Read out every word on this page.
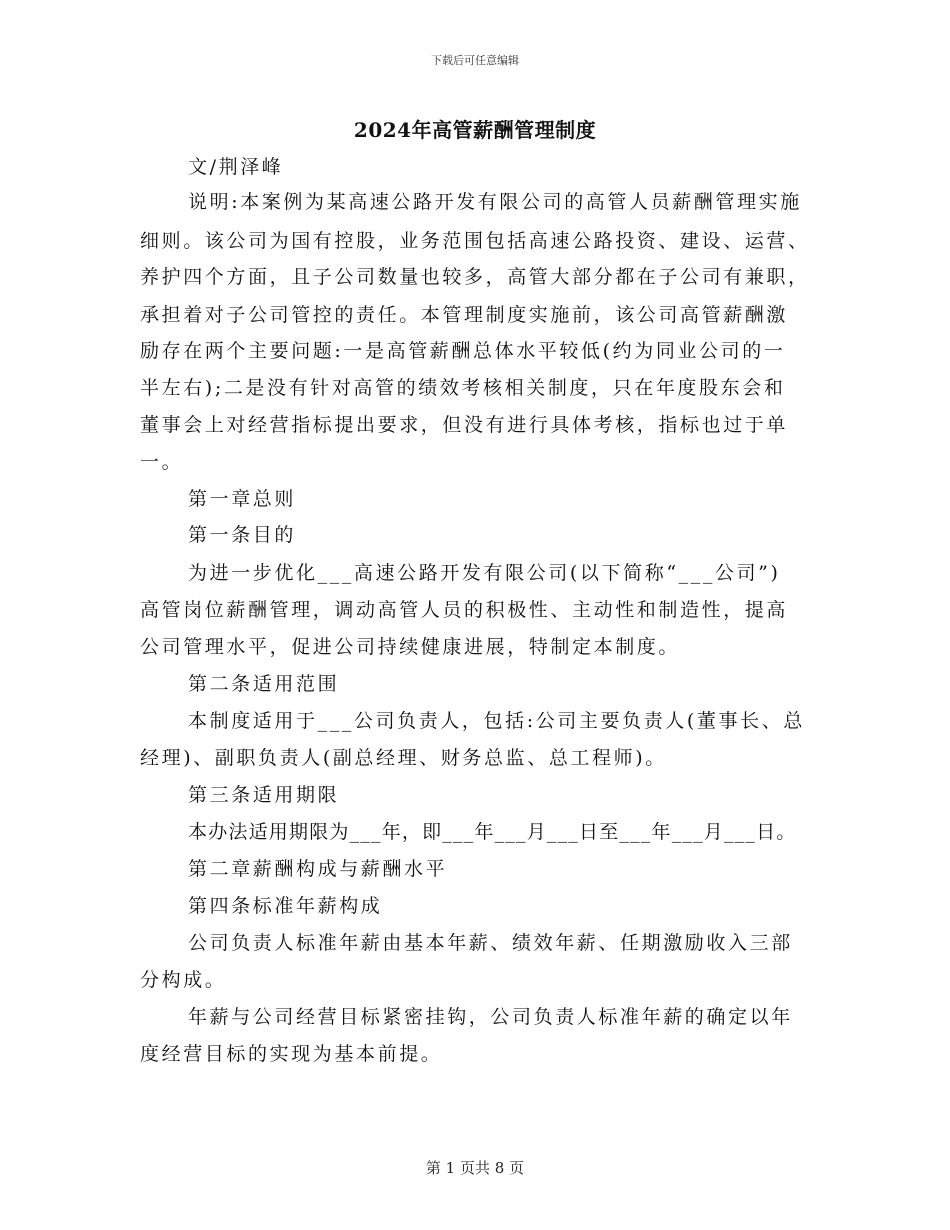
下载后可任意编辑
2024年高管薪酬管理制度
文/荆泽峰
说明:本案例为某高速公路开发有限公司的高管人员薪酬管理实施
细则。该公司为国有控股，业务范围包括高速公路投资、建设、运营、
养护四个方面，且子公司数量也较多，高管大部分都在子公司有兼职，
承担着对子公司管控的责任。本管理制度实施前，该公司高管薪酬激
励存在两个主要问题:一是高管薪酬总体水平较低(约为同业公司的一
半左右);二是没有针对高管的绩效考核相关制度，只在年度股东会和
董事会上对经营指标提出要求，但没有进行具体考核，指标也过于单
一。
第一章总则
第一条目的
为进一步优化___高速公路开发有限公司(以下简称“___公司”)
高管岗位薪酬管理，调动高管人员的积极性、主动性和制造性，提高
公司管理水平，促进公司持续健康进展，特制定本制度。
第二条适用范围
本制度适用于___公司负责人，包括:公司主要负责人(董事长、总
经理)、副职负责人(副总经理、财务总监、总工程师)。
第三条适用期限
本办法适用期限为___年，即___年___月___日至___年___月___日。
第二章薪酬构成与薪酬水平
第四条标准年薪构成
公司负责人标准年薪由基本年薪、绩效年薪、任期激励收入三部
分构成。
年薪与公司经营目标紧密挂钩，公司负责人标准年薪的确定以年
度经营目标的实现为基本前提。
第 1 页共 8 页
